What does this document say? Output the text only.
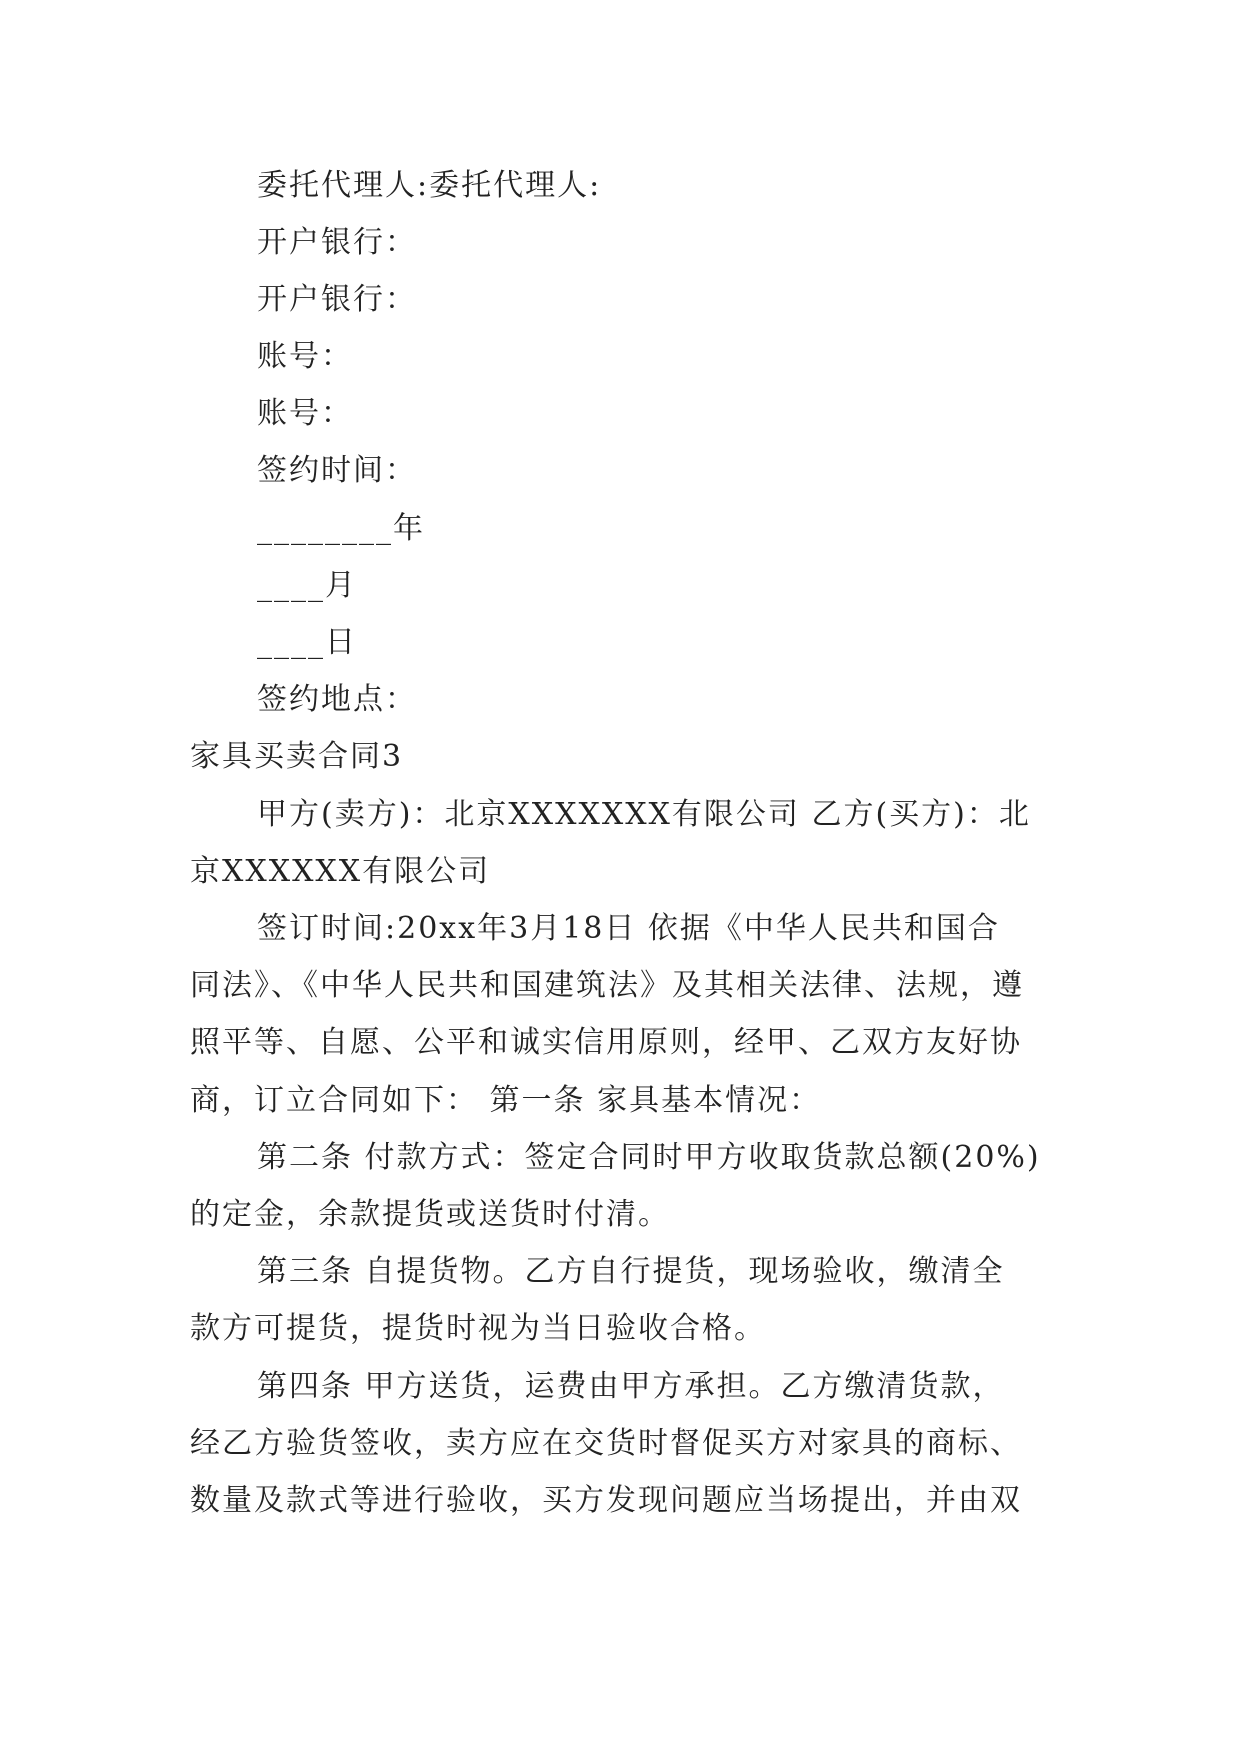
委托代理人:委托代理人:
开户银行：
开户银行：
账号：
账号：
签约时间：
________年
____月
____日
签约地点：
家具买卖合同3
甲方(卖方)：北京XXXXXXX有限公司 乙方(买方)：北
京XXXXXX有限公司
签订时间:20xx年3月18日 依据《中华人民共和国合
同法》、《中华人民共和国建筑法》及其相关法律、法规，遵
照平等、自愿、公平和诚实信用原则，经甲、乙双方友好协
商，订立合同如下： 第一条 家具基本情况：
第二条 付款方式：签定合同时甲方收取货款总额(20%)
的定金，余款提货或送货时付清。
第三条 自提货物。乙方自行提货，现场验收，缴清全
款方可提货，提货时视为当日验收合格。
第四条 甲方送货，运费由甲方承担。乙方缴清货款，
经乙方验货签收，卖方应在交货时督促买方对家具的商标、
数量及款式等进行验收，买方发现问题应当场提出，并由双
